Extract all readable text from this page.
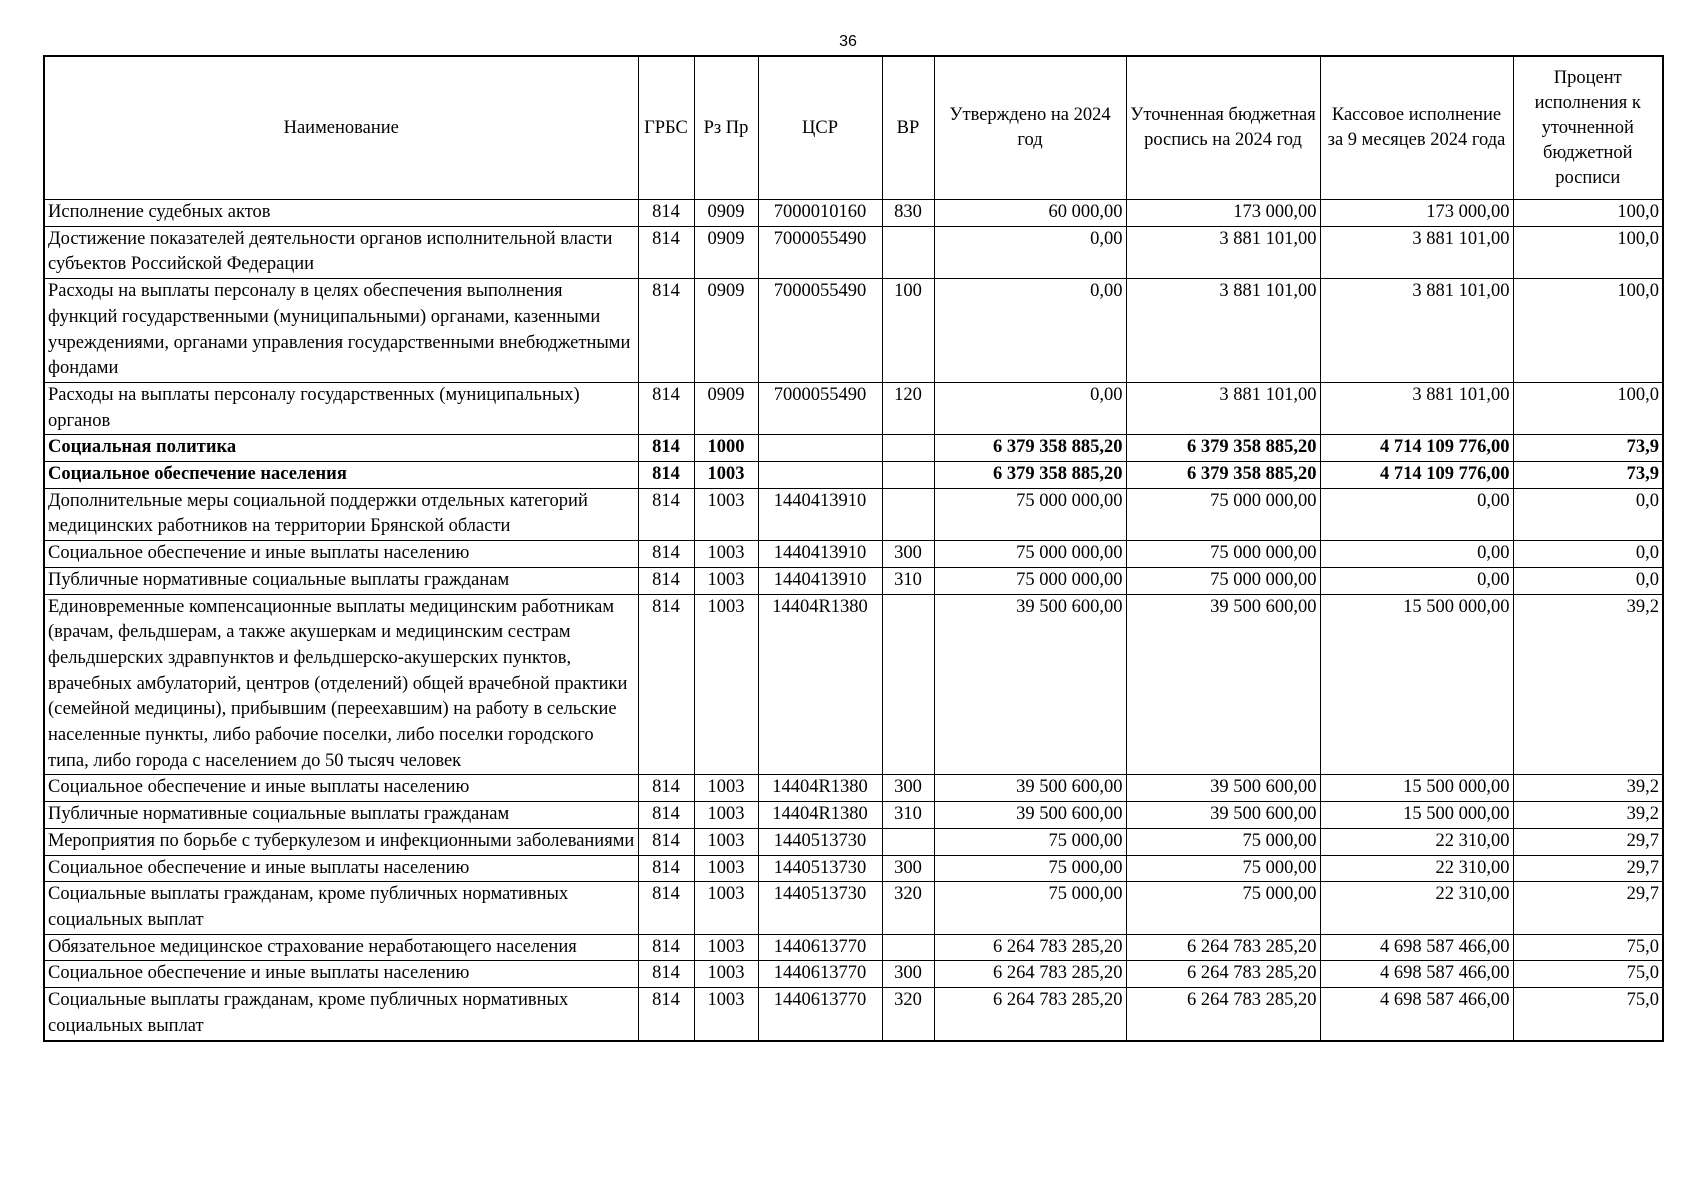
36
Наименование	ГРБС	Рз Пр	ЦСР	ВР	Утверждено на 2024 год	Уточненная бюджетная роспись на 2024 год	Кассовое исполнение за 9 месяцев 2024 года	Процент исполнения к уточненной бюджетной росписи
Исполнение судебных актов	814	0909	7000010160	830	60 000,00	173 000,00	173 000,00	100,0
Достижение показателей деятельности органов исполнительной власти субъектов Российской Федерации	814	0909	7000055490		0,00	3 881 101,00	3 881 101,00	100,0
Расходы на выплаты персоналу в целях обеспечения выполнения функций государственными (муниципальными) органами, казенными учреждениями, органами управления государственными внебюджетными фондами	814	0909	7000055490	100	0,00	3 881 101,00	3 881 101,00	100,0
Расходы на выплаты персоналу государственных (муниципальных) органов	814	0909	7000055490	120	0,00	3 881 101,00	3 881 101,00	100,0
Социальная политика	814	1000			6 379 358 885,20	6 379 358 885,20	4 714 109 776,00	73,9
Социальное обеспечение населения	814	1003			6 379 358 885,20	6 379 358 885,20	4 714 109 776,00	73,9
Дополнительные меры социальной поддержки отдельных категорий медицинских работников на территории Брянской области	814	1003	1440413910		75 000 000,00	75 000 000,00	0,00	0,0
Социальное обеспечение и иные выплаты населению	814	1003	1440413910	300	75 000 000,00	75 000 000,00	0,00	0,0
Публичные нормативные социальные выплаты гражданам	814	1003	1440413910	310	75 000 000,00	75 000 000,00	0,00	0,0
Единовременные компенсационные выплаты медицинским работникам (врачам, фельдшерам, а также акушеркам и медицинским сестрам фельдшерских здравпунктов и фельдшерско-акушерских пунктов, врачебных амбулаторий, центров (отделений) общей врачебной практики (семейной медицины), прибывшим (переехавшим) на работу в сельские населенные пункты, либо рабочие поселки, либо поселки городского типа, либо города с населением до 50 тысяч человек	814	1003	14404R1380		39 500 600,00	39 500 600,00	15 500 000,00	39,2
Социальное обеспечение и иные выплаты населению	814	1003	14404R1380	300	39 500 600,00	39 500 600,00	15 500 000,00	39,2
Публичные нормативные социальные выплаты гражданам	814	1003	14404R1380	310	39 500 600,00	39 500 600,00	15 500 000,00	39,2
Мероприятия по борьбе с туберкулезом и инфекционными заболеваниями	814	1003	1440513730		75 000,00	75 000,00	22 310,00	29,7
Социальное обеспечение и иные выплаты населению	814	1003	1440513730	300	75 000,00	75 000,00	22 310,00	29,7
Социальные выплаты гражданам, кроме публичных нормативных социальных выплат	814	1003	1440513730	320	75 000,00	75 000,00	22 310,00	29,7
Обязательное медицинское страхование неработающего населения	814	1003	1440613770		6 264 783 285,20	6 264 783 285,20	4 698 587 466,00	75,0
Социальное обеспечение и иные выплаты населению	814	1003	1440613770	300	6 264 783 285,20	6 264 783 285,20	4 698 587 466,00	75,0
Социальные выплаты гражданам, кроме публичных нормативных социальных выплат	814	1003	1440613770	320	6 264 783 285,20	6 264 783 285,20	4 698 587 466,00	75,0
